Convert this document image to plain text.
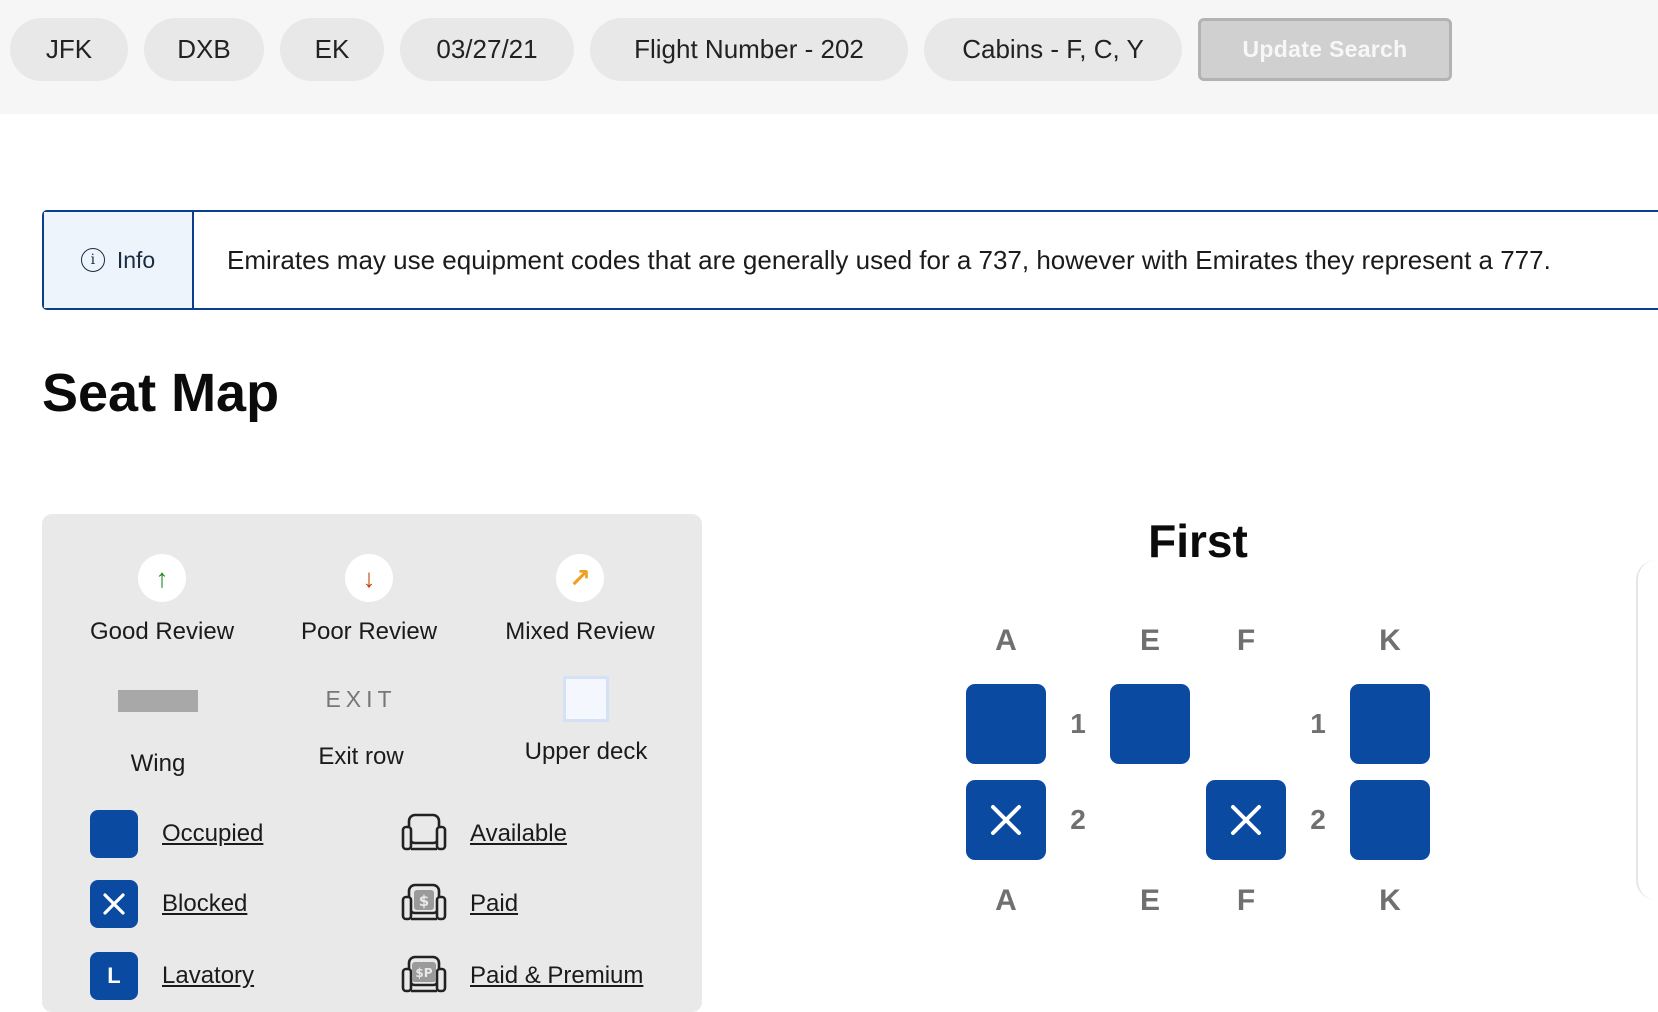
JFK	DXB	EK	03/27/21	Flight Number - 202	Cabins - F, C, Y	Update Search
i Info	Emirates may use equipment codes that are generally used for a 737, however with Emirates they represent a 777.
Seat Map
↑
Good Review
↓
Poor Review
↗
Mixed Review
Wing
EXIT
Exit row	Upper deck
Occupied
Blocked
L Lavatory
Available
$ Paid
$P Paid & Premium
First
A	E	F	K
1	1
2	2
A	E	F	K
